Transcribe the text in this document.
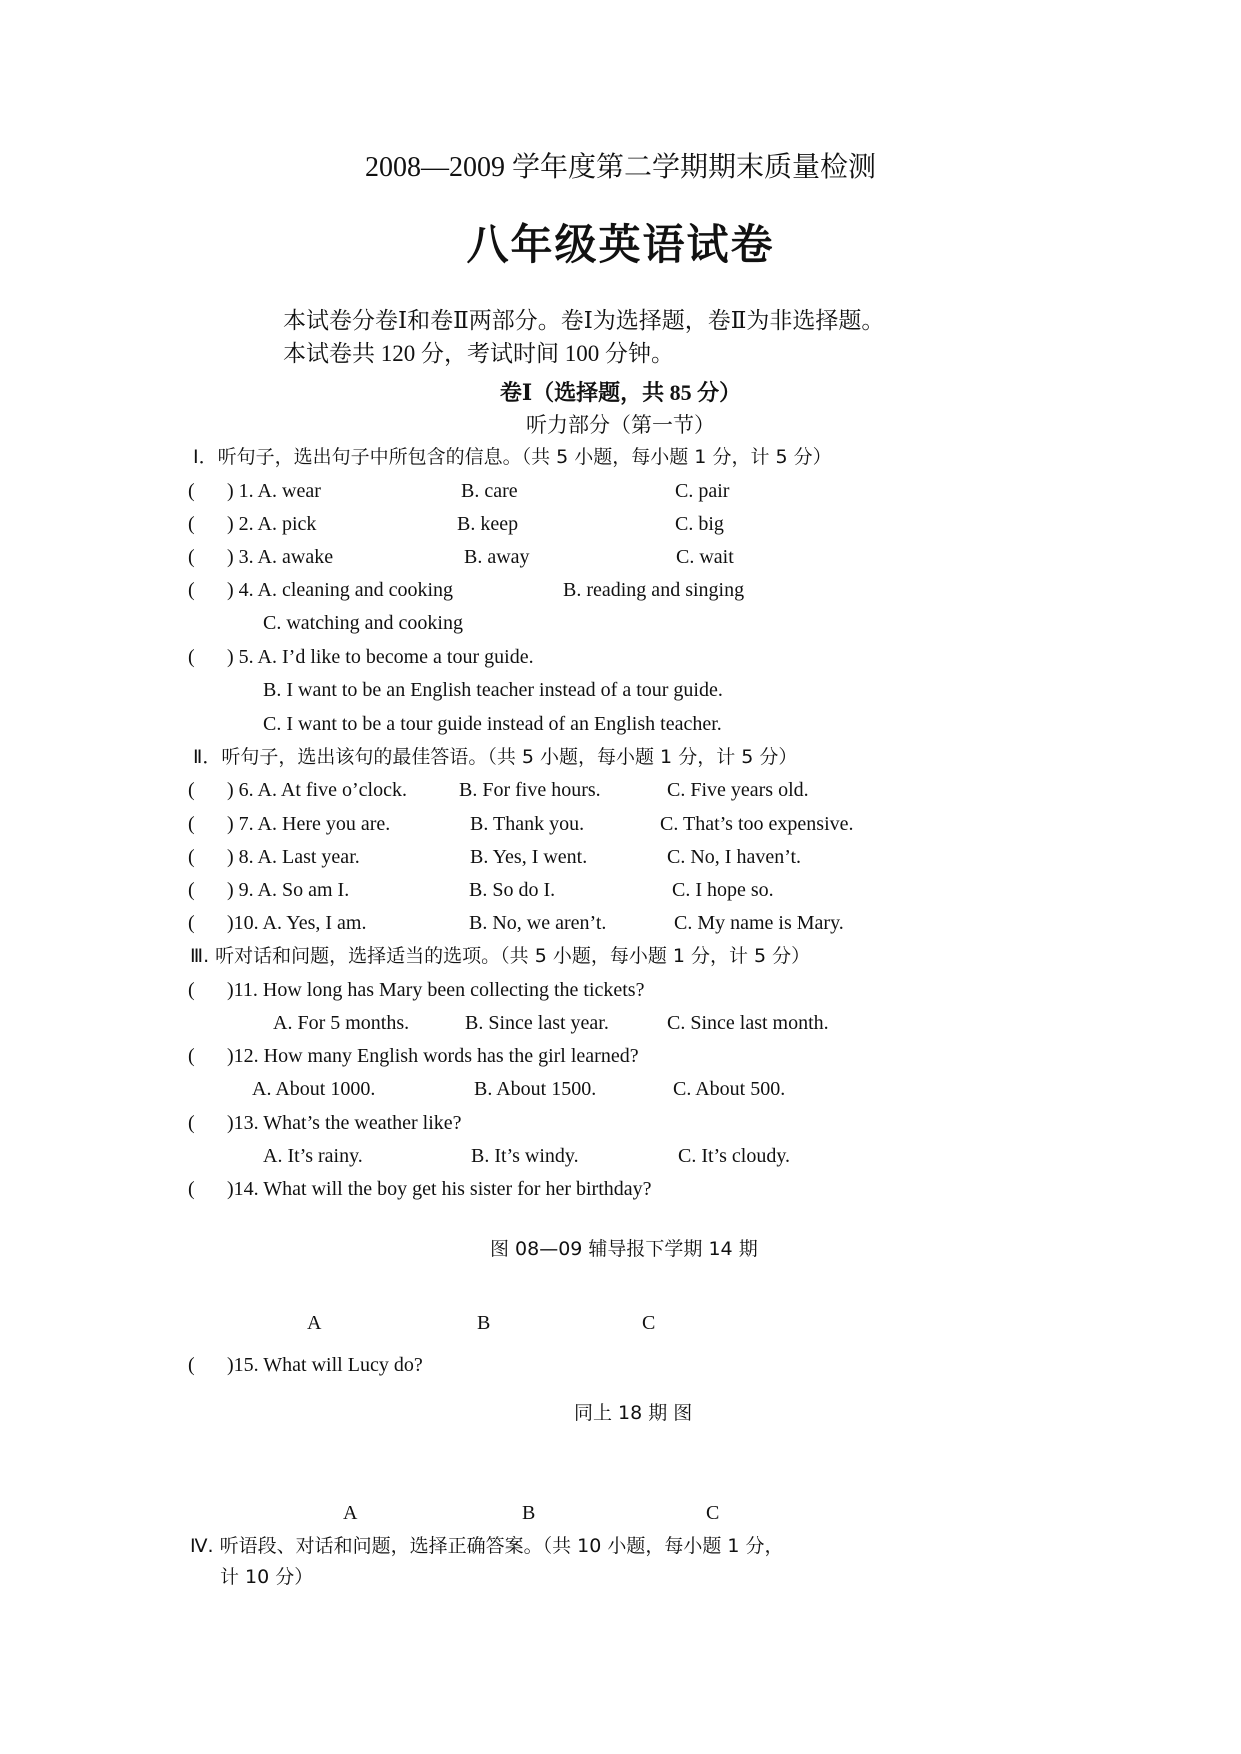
2008—2009 学年度第二学期期末质量检测
八年级英语试卷
本试卷分卷Ⅰ和卷Ⅱ两部分。卷Ⅰ为选择题，卷Ⅱ为非选择题。
本试卷共 120 分，考试时间 100 分钟。
卷Ⅰ（选择题，共 85 分）
听力部分（第一节）
Ⅰ．听句子，选出句子中所包含的信息。（共 5 小题，每小题 1 分，计 5 分）
( ) 1. A. wear	B. care	C. pair
( ) 2. A. pick	B. keep	C. big
( ) 3. A. awake	B. away	C. wait
( ) 4. A. cleaning and cooking	B. reading and singing
C. watching and cooking
( ) 5. A. I’d like to become a tour guide.
B. I want to be an English teacher instead of a tour guide.
C. I want to be a tour guide instead of an English teacher.
Ⅱ．听句子，选出该句的最佳答语。（共 5 小题，每小题 1 分，计 5 分）
( ) 6. A. At five o’clock.	B. For five hours.	C. Five years old.
( ) 7. A. Here you are.	B. Thank you.	C. That’s too expensive.
( ) 8. A. Last year.	B. Yes, I went.	C. No, I haven’t.
( ) 9. A. So am I.	B. So do I.	C. I hope so.
( )10. A. Yes, I am.	B. No, we aren’t.	C. My name is Mary.
Ⅲ. 听对话和问题，选择适当的选项。（共 5 小题，每小题 1 分，计 5 分）
( )11. How long has Mary been collecting the tickets?
A. For 5 months.	B. Since last year.	C. Since last month.
( )12. How many English words has the girl learned?
A. About 1000.	B. About 1500.	C. About 500.
( )13. What’s the weather like?
A. It’s rainy.	B. It’s windy.	C. It’s cloudy.
( )14. What will the boy get his sister for her birthday?
图 08—09 辅导报下学期 14 期
A	B	C
( )15. What will Lucy do?
同上 18 期 图
A	B	C
Ⅳ. 听语段、对话和问题，选择正确答案。（共 10 小题，每小题 1 分，
计 10 分）
